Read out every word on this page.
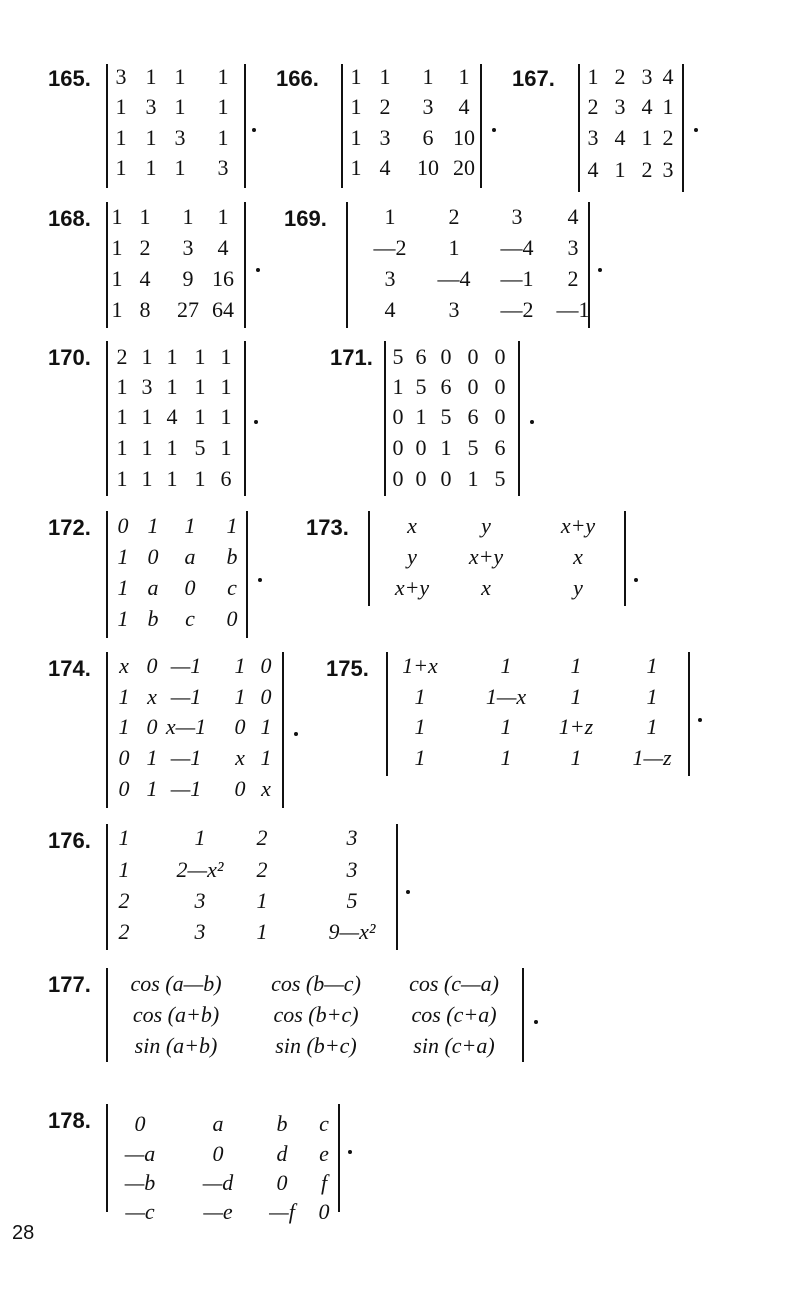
165. 3 1 1 1
1 3 1 1
1 1 3 1
1 1 1 3
166. 1 1 1 1
1 2 3 4
1 3 6 10
1 4 10 20
167. 1 2 3 4
2 3 4 1
3 4 1 2
4 1 2 3
168. 1 1 1 1
1 2 3 4
1 4 9 16
1 8 27 64
169.	1 2 3 4
—2 1 —4 3
3 —4 —1 2
4 3 —2 —1
170. 2 1 1 1 1
1 3 1 1 1
1 1 4 1 1
1 1 1 5 1
1 1 1 1 6
171. 5 6 0 0 0
1 5 6 0 0
0 1 5 6 0
0 0 1 5 6
0 0 0 1 5
172. 0 1 1 1
1 0 a b
1 a 0 c
1 b c 0
173.	x	y	x+y
y x+y	x
x+y x	y
174. x 0 —1 1 0
1 x —1 1 0
1 0 x—1 0 1
0 1 —1 x 1
0 1 —1 0 x
175. 1+x	1	1	1
1	1—x 1	1
1	1 1+z 1
1	1	1 1—z
176. 1	1 2	3
1 2—x² 2	3
2	3 1	5
2	3 1	9—x²
177. cos (a—b) cos (b—c) cos (c—a)
cos (a+b) cos (b+c) cos (c+a)
sin (a+b)	sin (b+c)	sin (c+a)
178. 0	a b c
—a	0 d e
—b —d 0 f
—c —e —f 0
28
